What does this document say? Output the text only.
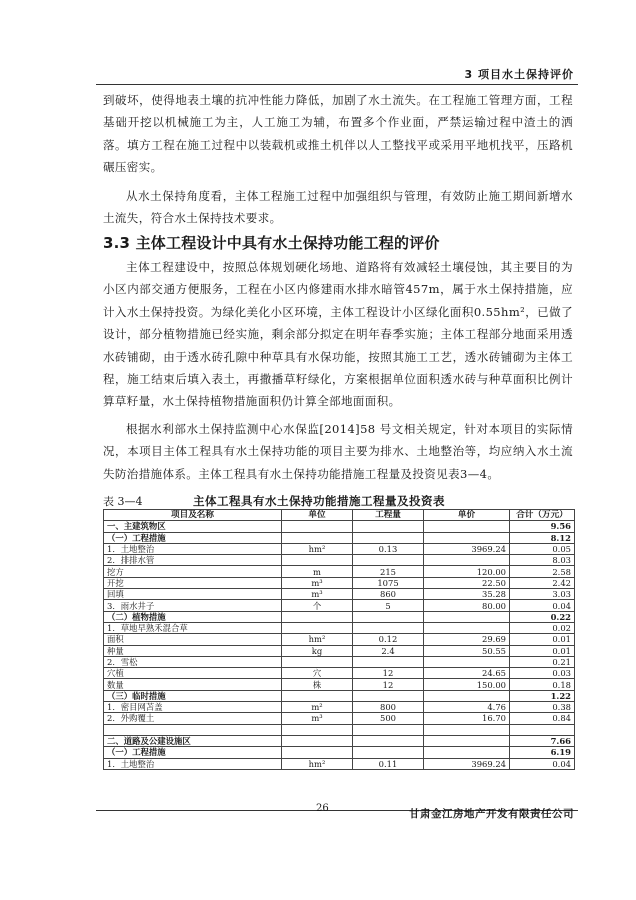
3 项目水土保持评价

到破坏，使得地表土壤的抗冲性能力降低，加剧了水土流失。在工程施工管理方面，工程基础开挖以机械施工为主，人工施工为辅，布置多个作业面，严禁运输过程中渣土的洒落。填方工程在施工过程中以装载机或推土机伴以人工整找平或采用平地机找平，压路机碾压密实。

从水土保持角度看，主体工程施工过程中加强组织与管理，有效防止施工期间新增水土流失，符合水土保持技术要求。

3.3 主体工程设计中具有水土保持功能工程的评价

主体工程建设中，按照总体规划硬化场地、道路将有效减轻土壤侵蚀，其主要目的为小区内部交通方便服务，工程在小区内修建雨水排水暗管457m，属于水土保持措施，应计入水土保持投资。为绿化美化小区环境，主体工程设计小区绿化面积0.55hm²，已做了设计，部分植物措施已经实施，剩余部分拟定在明年春季实施；主体工程部分地面采用透水砖铺砌，由于透水砖孔隙中种草具有水保功能，按照其施工工艺，透水砖铺砌为主体工程，施工结束后填入表土，再撒播草籽绿化，方案根据单位面积透水砖与种草面积比例计算草籽量，水土保持植物措施面积仍计算全部地面面积。

根据水利部水土保持监测中心水保监[2014]58 号文相关规定，针对本项目的实际情况，本项目主体工程具有水土保持功能的项目主要为排水、土地整治等，均应纳入水土流失防治措施体系。主体工程具有水土保持功能措施工程量及投资见表3—4。

表 3—4	主体工程具有水土保持功能措施工程量及投资表
项目及名称	单位	工程量	单价	合计（万元）
一、主建筑物区				9.56
（一）工程措施				8.12
1．土地整治	hm²	0.13	3969.24	0.05
2．排排水管				8.03
挖方	m	215	120.00	2.58
开挖	m³	1075	22.50	2.42
回填	m³	860	35.28	3.03
3．雨水井子	个	5	80.00	0.04
（二）植物措施				0.22
1．草地早熟禾混合草				0.02
面积	hm²	0.12	29.69	0.01
种量	kg	2.4	50.55	0.01
2．雪松				0.21
穴植	穴	12	24.65	0.03
数量	株	12	150.00	0.18
（三）临时措施				1.22
1．密目网苫盖	m²	800	4.76	0.38
2．外购覆土	m³	500	16.70	0.84

二、道路及公建设施区				7.66
（一）工程措施				6.19
1．土地整治	hm²	0.11	3969.24	0.04
26	甘肃金江房地产开发有限责任公司
